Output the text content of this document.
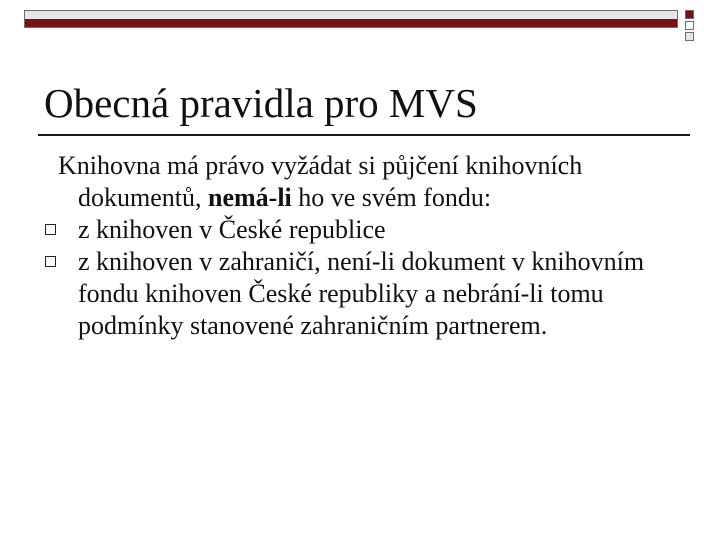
Obecná pravidla pro MVS

Knihovna má právo vyžádat si půjčení knihovních dokumentů, nemá-li ho ve svém fondu:

z knihoven v České republice
z knihoven v zahraničí, není-li dokument v knihovním fondu knihoven České republiky a nebrání-li tomu podmínky stanovené zahraničním partnerem.
